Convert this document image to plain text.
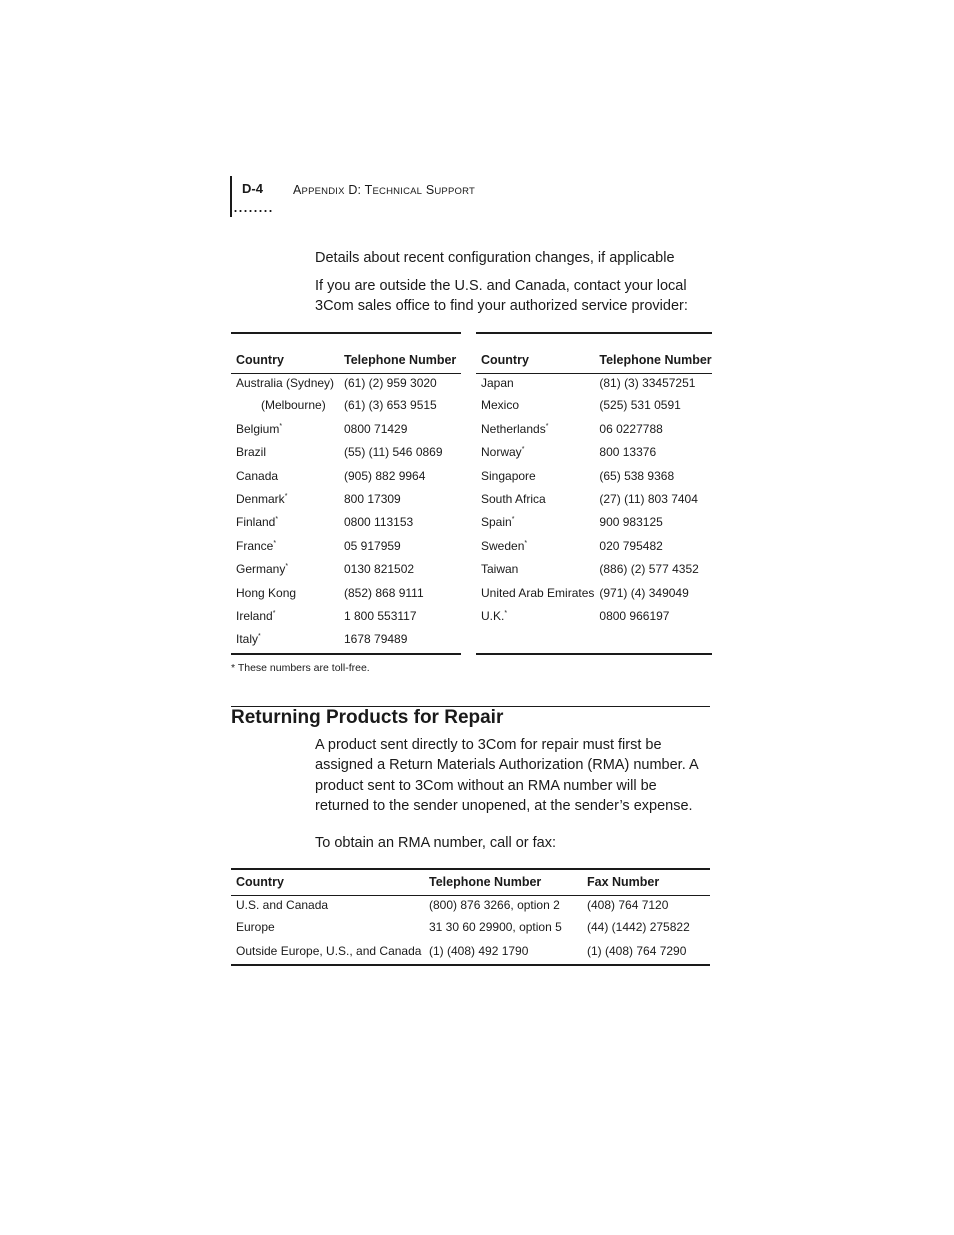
D-4 APPENDIX D: TECHNICAL SUPPORT
Details about recent configuration changes, if applicable
If you are outside the U.S. and Canada, contact your local 3Com sales office to find your authorized service provider:
Country	Telephone Number
Australia (Sydney)	(61) (2) 959 3020
(Melbourne)	(61) (3) 653 9515
Belgium*	0800 71429
Brazil	(55) (11) 546 0869
Canada	(905) 882 9964
Denmark*	800 17309
Finland*	0800 113153
France*	05 917959
Germany*	0130 821502
Hong Kong	(852) 868 9111
Ireland*	1 800 553117
Italy*	1678 79489
Country	Telephone Number
Japan	(81) (3) 33457251
Mexico	(525) 531 0591
Netherlands*	06 0227788
Norway*	800 13376
Singapore	(65) 538 9368
South Africa	(27) (11) 803 7404
Spain*	900 983125
Sweden*	020 795482
Taiwan	(886) (2) 577 4352
United Arab Emirates	(971) (4) 349049
U.K.*	0800 966197

* These numbers are toll-free.
Returning Products for Repair
A product sent directly to 3Com for repair must first be assigned a Return Materials Authorization (RMA) number. A product sent to 3Com without an RMA number will be returned to the sender unopened, at the sender’s expense.
To obtain an RMA number, call or fax:
Country	Telephone Number	Fax Number
U.S. and Canada	(800) 876 3266, option 2	(408) 764 7120
Europe	31 30 60 29900, option 5	(44) (1442) 275822
Outside Europe, U.S., and Canada	(1) (408) 492 1790	(1) (408) 764 7290
